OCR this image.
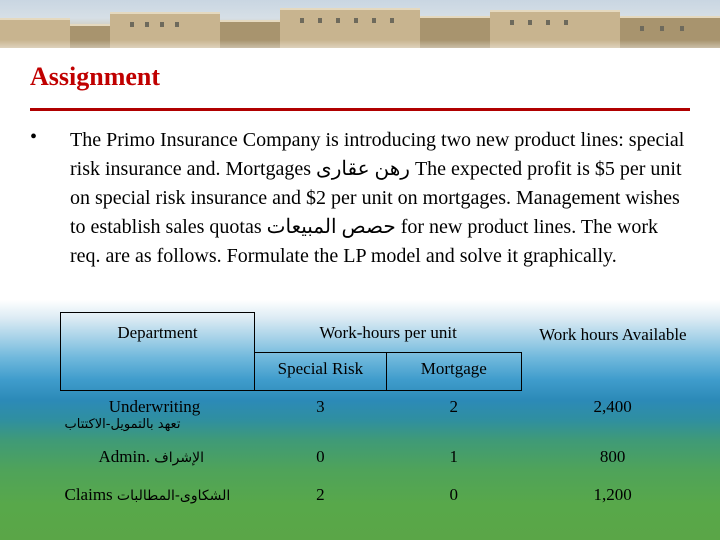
Assignment
• The Primo Insurance Company is introducing two new product lines: special risk insurance and. Mortgages رهن عقارى The expected profit is $5 per unit on special risk insurance and $2 per unit on mortgages. Management wishes to establish sales quotas حصص المبيعات for new product lines. The work req. are as follows. Formulate the LP model and solve it graphically.

Department	Work-hours per unit		Work hours Available
	Special Risk	Mortgage	

Underwriting
تعهد بالتمويل-الاكتتاب	3	2	2,400
Admin. الإشراف	0	1	800
Claims الشكاوى-المطالبات	2	0	1,200
